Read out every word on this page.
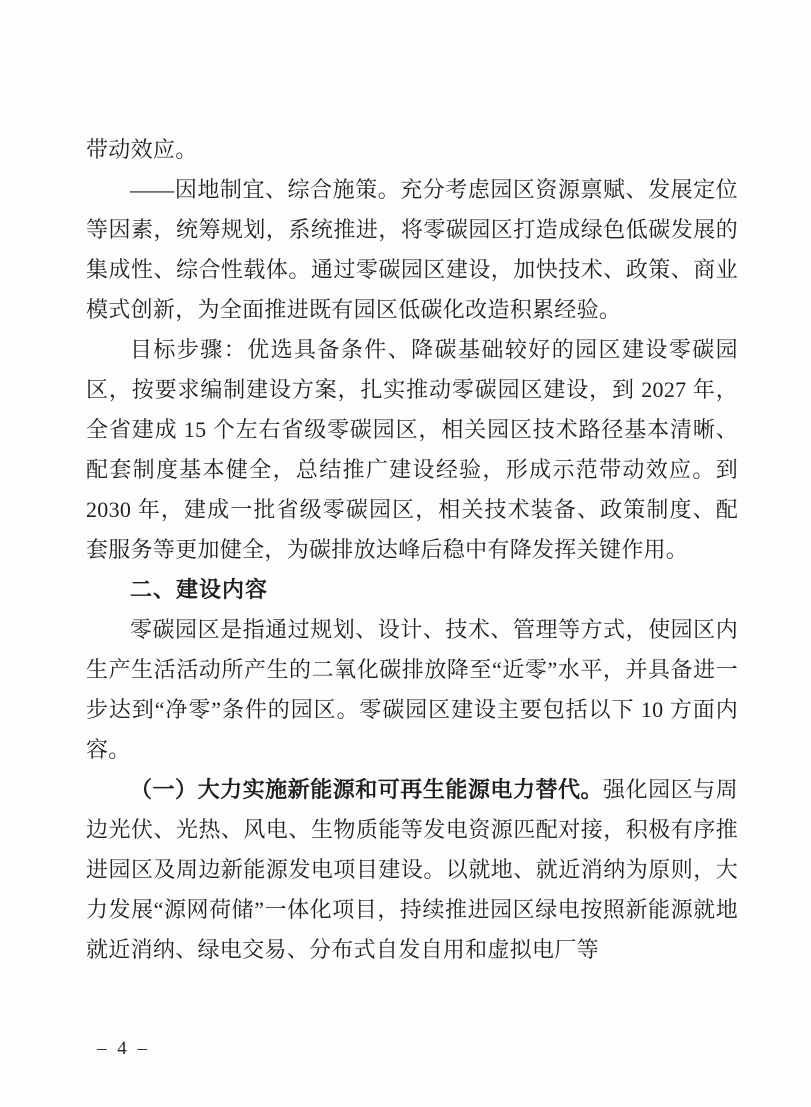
带动效应。

——因地制宜、综合施策。充分考虑园区资源禀赋、发展定位等因素，统筹规划，系统推进，将零碳园区打造成绿色低碳发展的集成性、综合性载体。通过零碳园区建设，加快技术、政策、商业模式创新，为全面推进既有园区低碳化改造积累经验。

目标步骤：优选具备条件、降碳基础较好的园区建设零碳园区，按要求编制建设方案，扎实推动零碳园区建设，到 2027 年，全省建成 15 个左右省级零碳园区，相关园区技术路径基本清晰、配套制度基本健全，总结推广建设经验，形成示范带动效应。到 2030 年，建成一批省级零碳园区，相关技术装备、政策制度、配套服务等更加健全，为碳排放达峰后稳中有降发挥关键作用。

二、建设内容

零碳园区是指通过规划、设计、技术、管理等方式，使园区内生产生活活动所产生的二氧化碳排放降至“近零”水平，并具备进一步达到“净零”条件的园区。零碳园区建设主要包括以下 10 方面内容。

（一）大力实施新能源和可再生能源电力替代。强化园区与周边光伏、光热、风电、生物质能等发电资源匹配对接，积极有序推进园区及周边新能源发电项目建设。以就地、就近消纳为原则，大力发展“源网荷储”一体化项目，持续推进园区绿电按照新能源就地就近消纳、绿电交易、分布式自发自用和虚拟电厂等

– 4 –
